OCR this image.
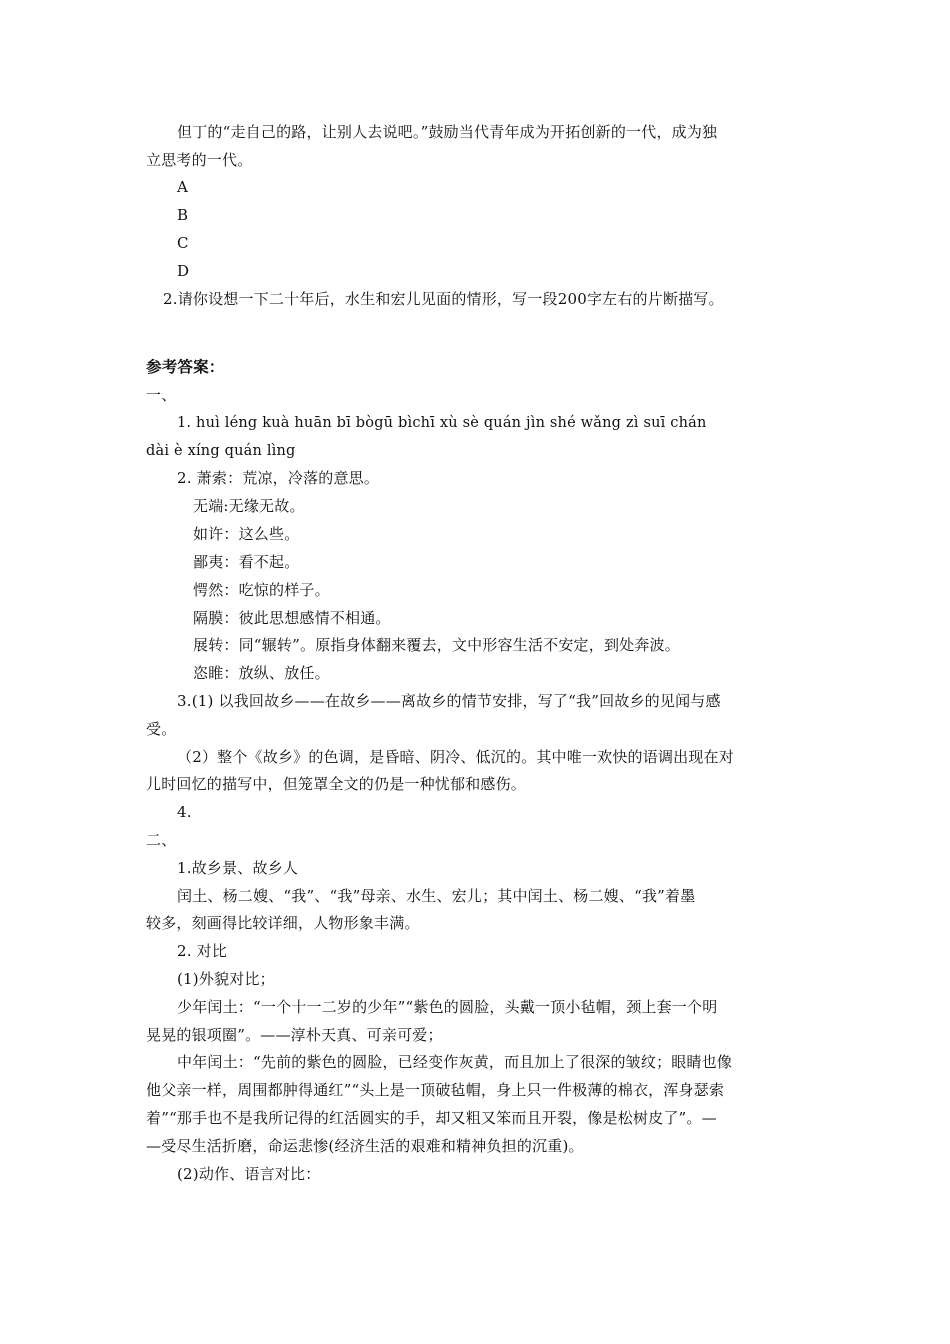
但丁的“走自己的路，让别人去说吧。”鼓励当代青年成为开拓创新的一代，成为独
立思考的一代。
A
B
C
D
2.请你设想一下二十年后，水生和宏儿见面的情形，写一段200字左右的片断描写。
参考答案：
一、
1. huì léng kuà huān bī bògū bìchī xù sè quán jìn shé wǎng zì suī chán
dài è xíng quán lìng
2. 萧索：荒凉，冷落的意思。
无端:无缘无故。
如许：这么些。
鄙夷：看不起。
愕然：吃惊的样子。
隔膜：彼此思想感情不相通。
展转：同“辗转”。原指身体翻来覆去，文中形容生活不安定，到处奔波。
恣睢：放纵、放任。
3.(1) 以我回故乡——在故乡——离故乡的情节安排，写了“我”回故乡的见闻与感
受。
（2）整个《故乡》的色调，是昏暗、阴冷、低沉的。其中唯一欢快的语调出现在对
儿时回忆的描写中，但笼罩全文的仍是一种忧郁和感伤。
4.
二、
1.故乡景、故乡人
闰土、杨二嫂、“我”、“我”母亲、水生、宏儿；其中闰土、杨二嫂、“我”着墨
较多，刻画得比较详细，人物形象丰满。
2. 对比
(1)外貌对比；
少年闰土：“一个十一二岁的少年”“紫色的圆脸，头戴一顶小毡帽，颈上套一个明
晃晃的银项圈”。——淳朴天真、可亲可爱；
中年闰土：“先前的紫色的圆脸，已经变作灰黄，而且加上了很深的皱纹；眼睛也像
他父亲一样，周围都肿得通红”“头上是一顶破毡帽，身上只一件极薄的棉衣，浑身瑟索
着”“那手也不是我所记得的红活圆实的手，却又粗又笨而且开裂，像是松树皮了”。—
—受尽生活折磨，命运悲惨(经济生活的艰难和精神负担的沉重)。
(2)动作、语言对比：
